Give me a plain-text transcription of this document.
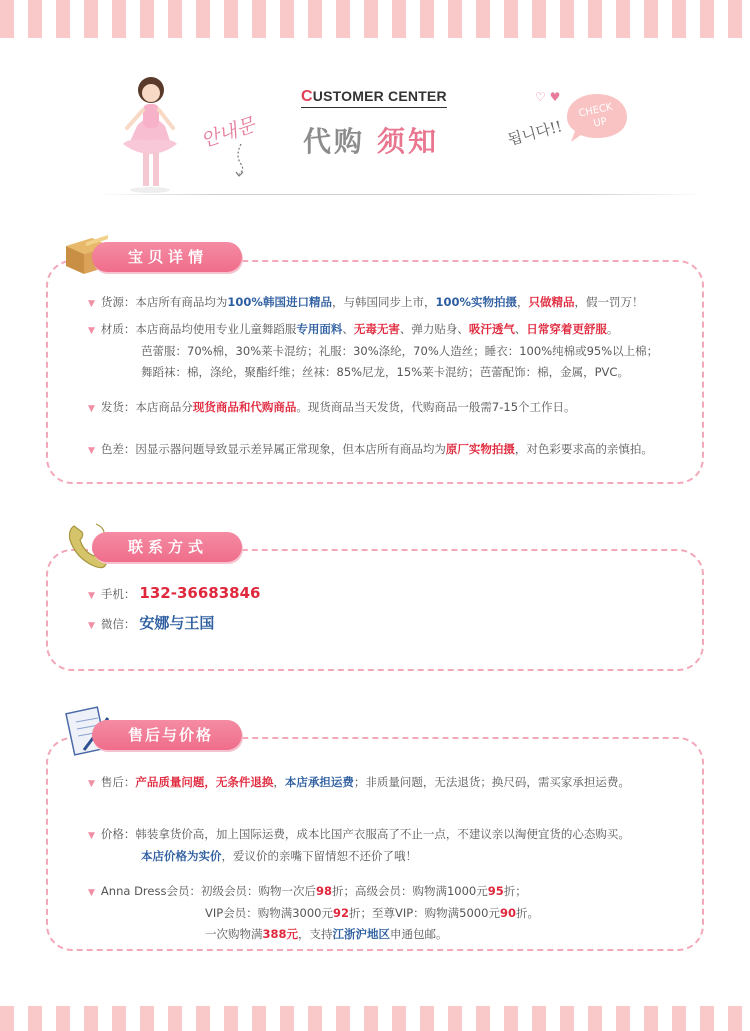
안내문
CUSTOMER CENTER
代购 须知	됩니다!!
♡ ♥
CHECK
UP
宝贝详情
▼ 货源：本店所有商品均为100%韩国进口精品，与韩国同步上市，100%实物拍摄，只做精品，假一罚万！
▼ 材质：本店商品均使用专业儿童舞蹈服专用面料、无毒无害、弹力贴身、吸汗透气、日常穿着更舒服。
芭蕾服：70%棉，30%莱卡混纺；礼服：30%涤纶，70%人造丝；睡衣：100%纯棉或95%以上棉；
舞蹈袜：棉，涤纶，聚酯纤维；丝袜：85%尼龙，15%莱卡混纺；芭蕾配饰：棉，金属，PVC。
▼ 发货：本店商品分现货商品和代购商品。现货商品当天发货，代购商品一般需7-15个工作日。
▼ 色差：因显示器问题导致显示差异属正常现象，但本店所有商品均为原厂实物拍摄，对色彩要求高的亲慎拍。
联系方式
▼ 手机： 132-36683846
▼ 微信： 安娜与王国
售后与价格
▼ 售后：产品质量问题，无条件退换，本店承担运费；非质量问题，无法退货；换尺码，需买家承担运费。
▼ 价格：韩装拿货价高，加上国际运费，成本比国产衣服高了不止一点，不建议亲以淘便宜货的心态购买。
本店价格为实价，爱议价的亲嘴下留情恕不还价了哦！
▼ Anna Dress会员：初级会员：购物一次后98折；高级会员：购物满1000元95折；
VIP会员：购物满3000元92折；至尊VIP：购物满5000元90折。
一次购物满388元，支持江浙沪地区申通包邮。
